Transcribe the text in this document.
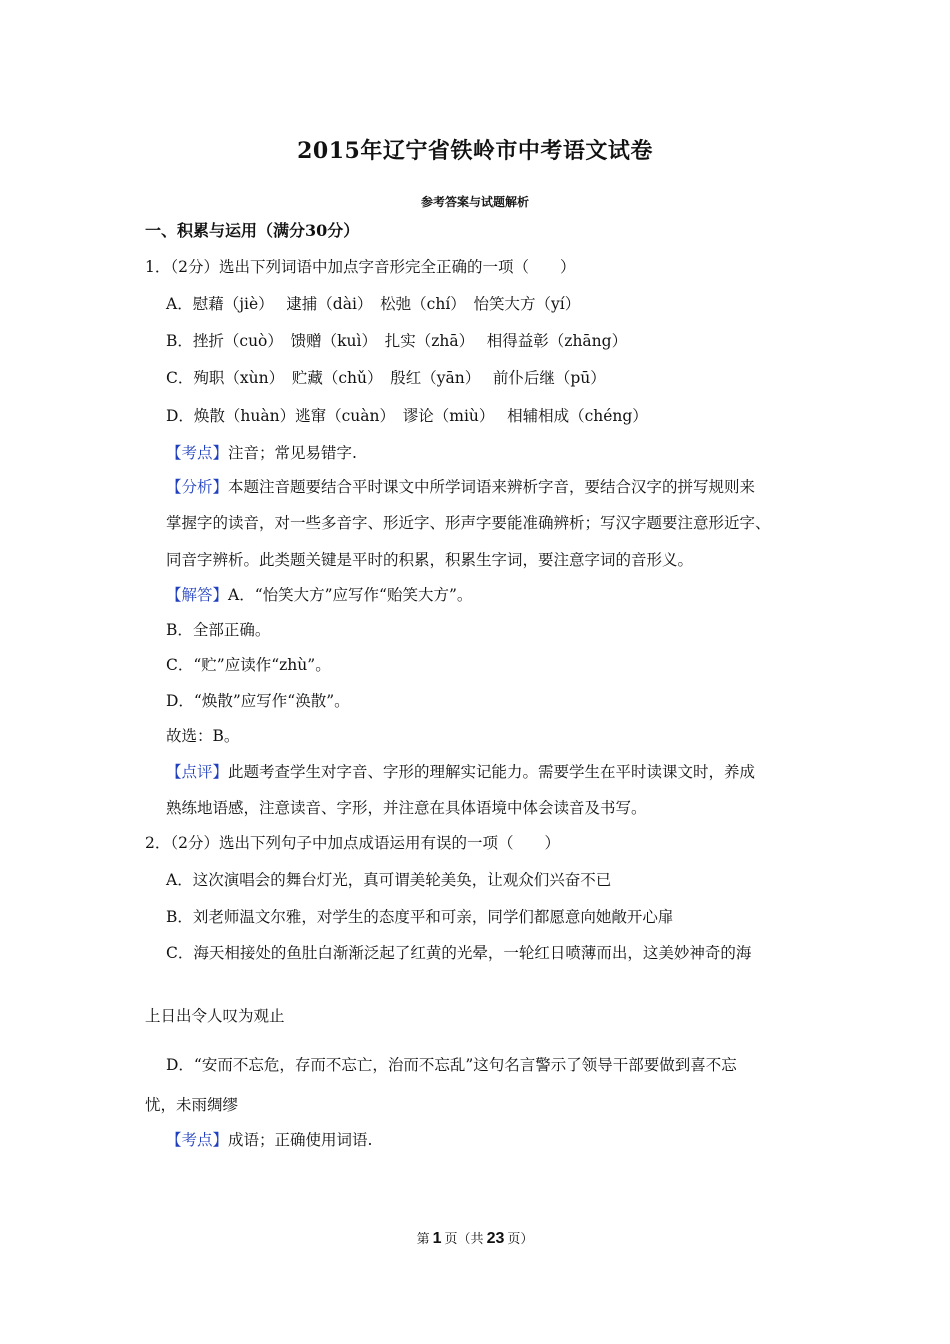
2015年辽宁省铁岭市中考语文试卷
参考答案与试题解析
一、积累与运用（满分30分）
1．（2分）选出下列词语中加点字音形完全正确的一项（　　）
A．慰藉（jiè）　 逮捕（dài）　松弛（chí）　怡笑大方（yí）
B．挫折（cuò）　馈赠（kuì）　扎实（zhā）　 相得益彰（zhāng）
C．殉职（xùn）　贮藏（chǔ）　殷红（yān）　 前仆后继（pū）
D．焕散（huàn）逃窜（cuàn）　谬论（miù）　 相辅相成（chéng）
【考点】注音；常见易错字.
【分析】本题注音题要结合平时课文中所学词语来辨析字音，要结合汉字的拼写规则来
掌握字的读音，对一些多音字、形近字、形声字要能准确辨析；写汉字题要注意形近字、
同音字辨析。此类题关键是平时的积累，积累生字词，要注意字词的音形义。
【解答】A．“怡笑大方”应写作“贻笑大方”。
B．全部正确。
C．“贮”应读作“zhù”。
D．“焕散”应写作“涣散”。
故选：B。
【点评】此题考查学生对字音、字形的理解实记能力。需要学生在平时读课文时，养成
熟练地语感，注意读音、字形，并注意在具体语境中体会读音及书写。
2．（2分）选出下列句子中加点成语运用有误的一项（　　）
A．这次演唱会的舞台灯光，真可谓美轮美奂，让观众们兴奋不已
B．刘老师温文尔雅，对学生的态度平和可亲，同学们都愿意向她敞开心扉
C．海天相接处的鱼肚白渐渐泛起了红黄的光晕，一轮红日喷薄而出，这美妙神奇的海
上日出令人叹为观止
D．“安而不忘危，存而不忘亡，治而不忘乱”这句名言警示了领导干部要做到喜不忘
忧，未雨绸缪
【考点】成语；正确使用词语.
第 1 页（共 23 页）
